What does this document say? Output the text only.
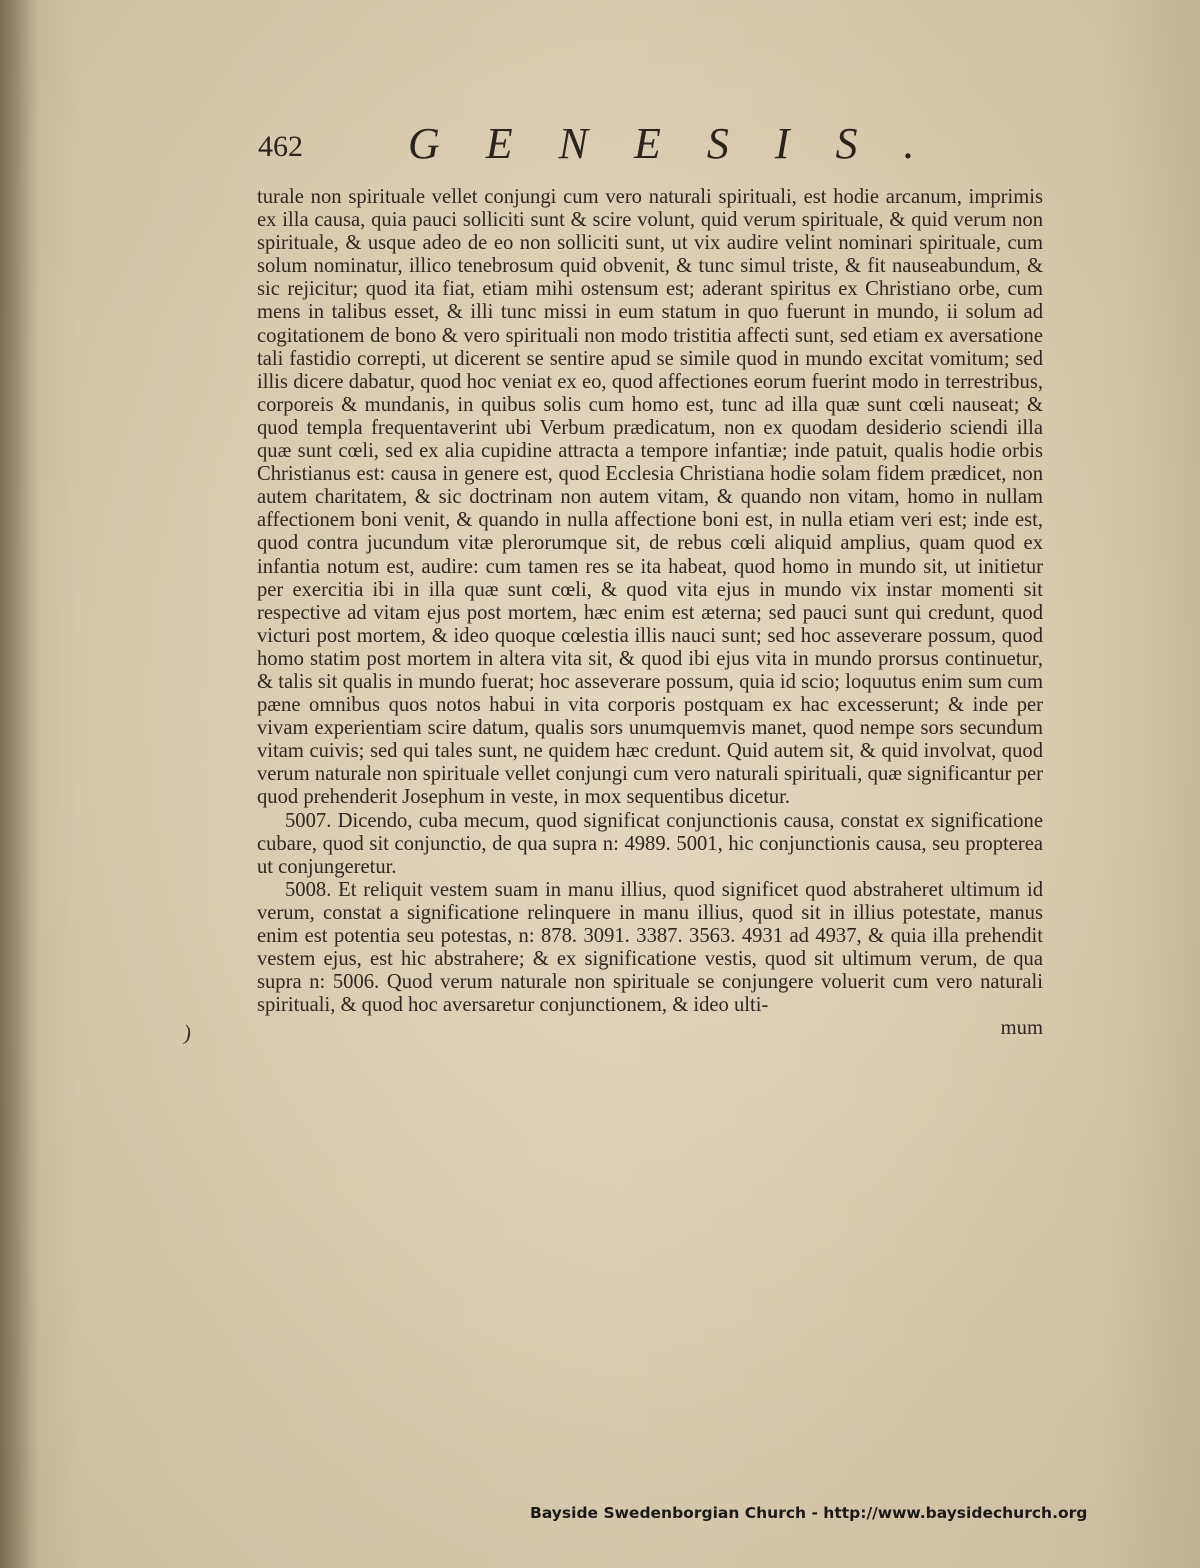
462 GENESIS.

turale non spirituale vellet conjungi cum vero naturali spirituali, est hodie arcanum, imprimis ex illa causa, quia pauci solliciti sunt & scire volunt, quid verum spirituale, & quid verum non spirituale, & usque adeo de eo non solliciti sunt, ut vix audire velint nominari spirituale, cum solum nominatur, illico tenebrosum quid obvenit, & tunc simul triste, & fit nauseabundum, & sic rejicitur; quod ita fiat, etiam mihi ostensum est; aderant spiritus ex Christiano orbe, cum mens in talibus esset, & illi tunc missi in eum statum in quo fuerunt in mundo, ii solum ad cogitationem de bono & vero spirituali non modo tristitia affecti sunt, sed etiam ex aversatione tali fastidio correpti, ut dicerent se sentire apud se simile quod in mundo excitat vomitum; sed illis dicere dabatur, quod hoc veniat ex eo, quod affectiones eorum fuerint modo in terrestribus, corporeis & mundanis, in quibus solis cum homo est, tunc ad illa quæ sunt cœli nauseat; & quod templa frequentaverint ubi Verbum prædicatum, non ex quodam desiderio sciendi illa quæ sunt cœli, sed ex alia cupidine attracta a tempore infantiæ; inde patuit, qualis hodie orbis Christianus est: causa in genere est, quod Ecclesia Christiana hodie solam fidem prædicet, non autem charitatem, & sic doctrinam non autem vitam, & quando non vitam, homo in nullam affectionem boni venit, & quando in nulla affectione boni est, in nulla etiam veri est; inde est, quod contra jucundum vitæ plerorumque sit, de rebus cœli aliquid amplius, quam quod ex infantia notum est, audire: cum tamen res se ita habeat, quod homo in mundo sit, ut initietur per exercitia ibi in illa quæ sunt cœli, & quod vita ejus in mundo vix instar momenti sit respective ad vitam ejus post mortem, hæc enim est æterna; sed pauci sunt qui credunt, quod victuri post mortem, & ideo quoque cœlestia illis nauci sunt; sed hoc asseverare possum, quod homo statim post mortem in altera vita sit, & quod ibi ejus vita in mundo prorsus continuetur, & talis sit qualis in mundo fuerat; hoc asseverare possum, quia id scio; loquutus enim sum cum pæne omnibus quos notos habui in vita corporis postquam ex hac excesserunt; & inde per vivam experientiam scire datum, qualis sors unumquemvis manet, quod nempe sors secundum vitam cuivis; sed qui tales sunt, ne quidem hæc credunt. Quid autem sit, & quid involvat, quod verum naturale non spirituale vellet conjungi cum vero naturali spirituali, quæ significantur per quod prehenderit Josephum in veste, in mox sequentibus dicetur.

5007. Dicendo, cuba mecum, quod significat conjunctionis causa, constat ex significatione cubare, quod sit conjunctio, de qua supra n: 4989. 5001, hic conjunctionis causa, seu propterea ut conjungeretur.

5008. Et reliquit vestem suam in manu illius, quod significet quod abstraheret ultimum id verum, constat a significatione relinquere in manu illius, quod sit in illius potestate, manus enim est potentia seu potestas, n: 878. 3091. 3387. 3563. 4931 ad 4937, & quia illa prehendit vestem ejus, est hic abstrahere; & ex significatione vestis, quod sit ultimum verum, de qua supra n: 5006. Quod verum naturale non spirituale se conjungere voluerit cum vero naturali spirituali, & quod hoc aversaretur conjunctionem, & ideo ulti-

mum
)
Bayside Swedenborgian Church - http://www.baysidechurch.org
